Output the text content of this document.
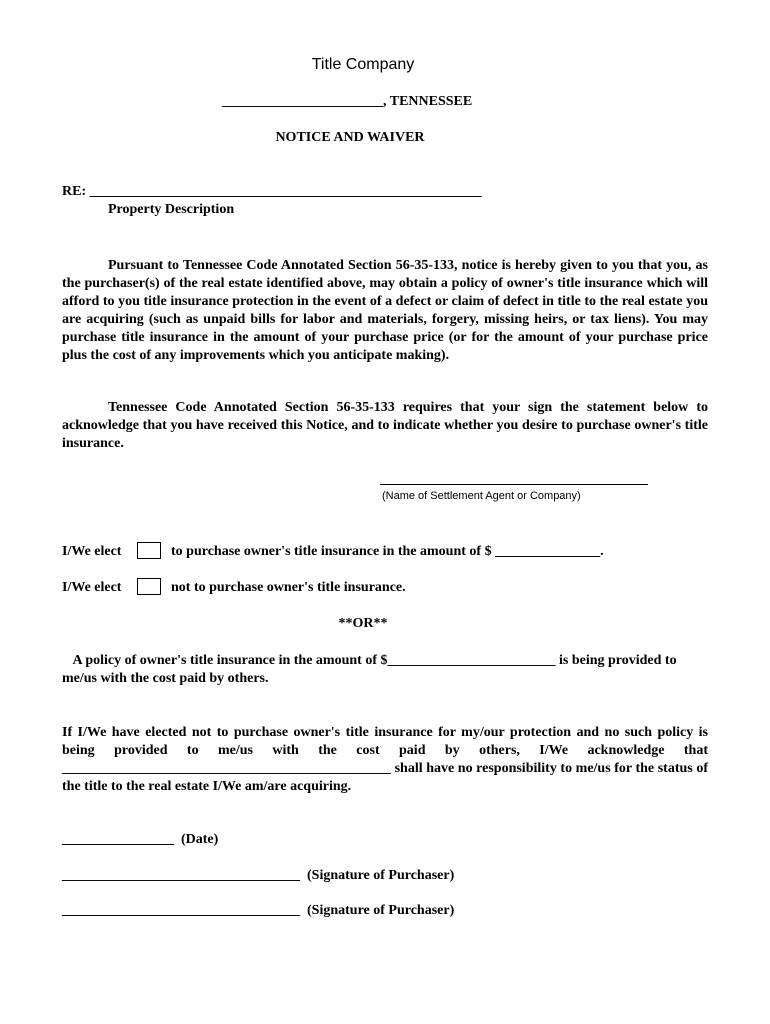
Title Company
_______________________, TENNESSEE
NOTICE AND WAIVER
RE: ________________________________________________________
Property Description

Pursuant to Tennessee Code Annotated Section 56-35-133, notice is hereby given to you that you, as the purchaser(s) of the real estate identified above, may obtain a policy of owner's title insurance which will afford to you title insurance protection in the event of a defect or claim of defect in title to the real estate you are acquiring (such as unpaid bills for labor and materials, forgery, missing heirs, or tax liens). You may purchase title insurance in the amount of your purchase price (or for the amount of your purchase price plus the cost of any improvements which you anticipate making).

Tennessee Code Annotated Section 56-35-133 requires that your sign the statement below to acknowledge that you have received this Notice, and to indicate whether you desire to purchase owner's title insurance.

(Name of Settlement Agent or Company)
I/We elect	to purchase owner's title insurance in the amount of $ _______________.
I/We elect	not to purchase owner's title insurance.
**OR**

A policy of owner's title insurance in the amount of $________________________ is being provided to me/us with the cost paid by others.

If I/We have elected not to purchase owner's title insurance for my/our protection and no such policy is being provided to me/us with the cost paid by others, I/We acknowledge that _______________________________________________ shall have no responsibility to me/us for the status of the title to the real estate I/We am/are acquiring.

________________ (Date)
__________________________________ (Signature of Purchaser)
__________________________________ (Signature of Purchaser)
